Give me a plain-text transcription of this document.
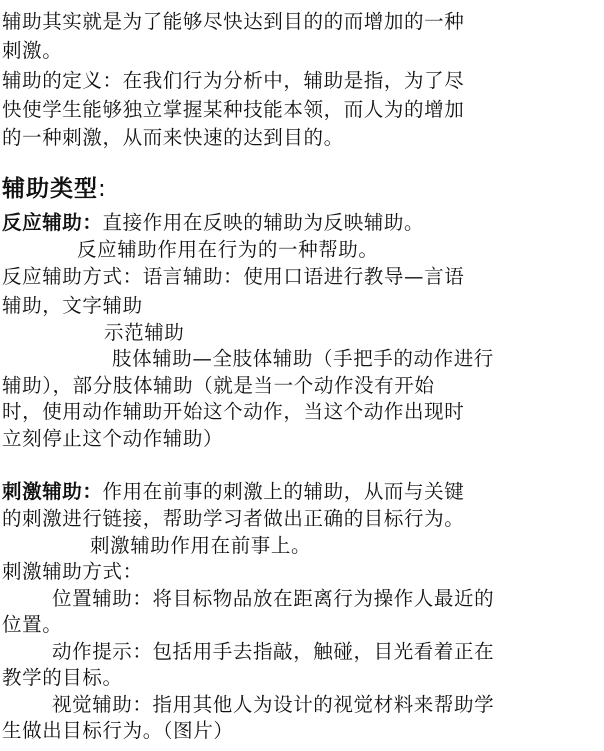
辅助其实就是为了能够尽快达到目的的而增加的一种
刺激。
辅助的定义：在我们行为分析中，辅助是指，为了尽
快使学生能够独立掌握某种技能本领，而人为的增加
的一种刺激，从而来快速的达到目的。
辅助类型:
反应辅助：直接作用在反映的辅助为反映辅助。
反应辅助作用在行为的一种帮助。
反应辅助方式：语言辅助：使用口语进行教导—言语
辅助，文字辅助
示范辅助
肢体辅助—全肢体辅助（手把手的动作进行
辅助），部分肢体辅助（就是当一个动作没有开始
时，使用动作辅助开始这个动作，当这个动作出现时
立刻停止这个动作辅助）
刺激辅助：作用在前事的刺激上的辅助，从而与关键
的刺激进行链接，帮助学习者做出正确的目标行为。
刺激辅助作用在前事上。
刺激辅助方式：
位置辅助：将目标物品放在距离行为操作人最近的
位置。
动作提示：包括用手去指敲，触碰，目光看着正在
教学的目标。
视觉辅助：指用其他人为设计的视觉材料来帮助学
生做出目标行为。（图片）
